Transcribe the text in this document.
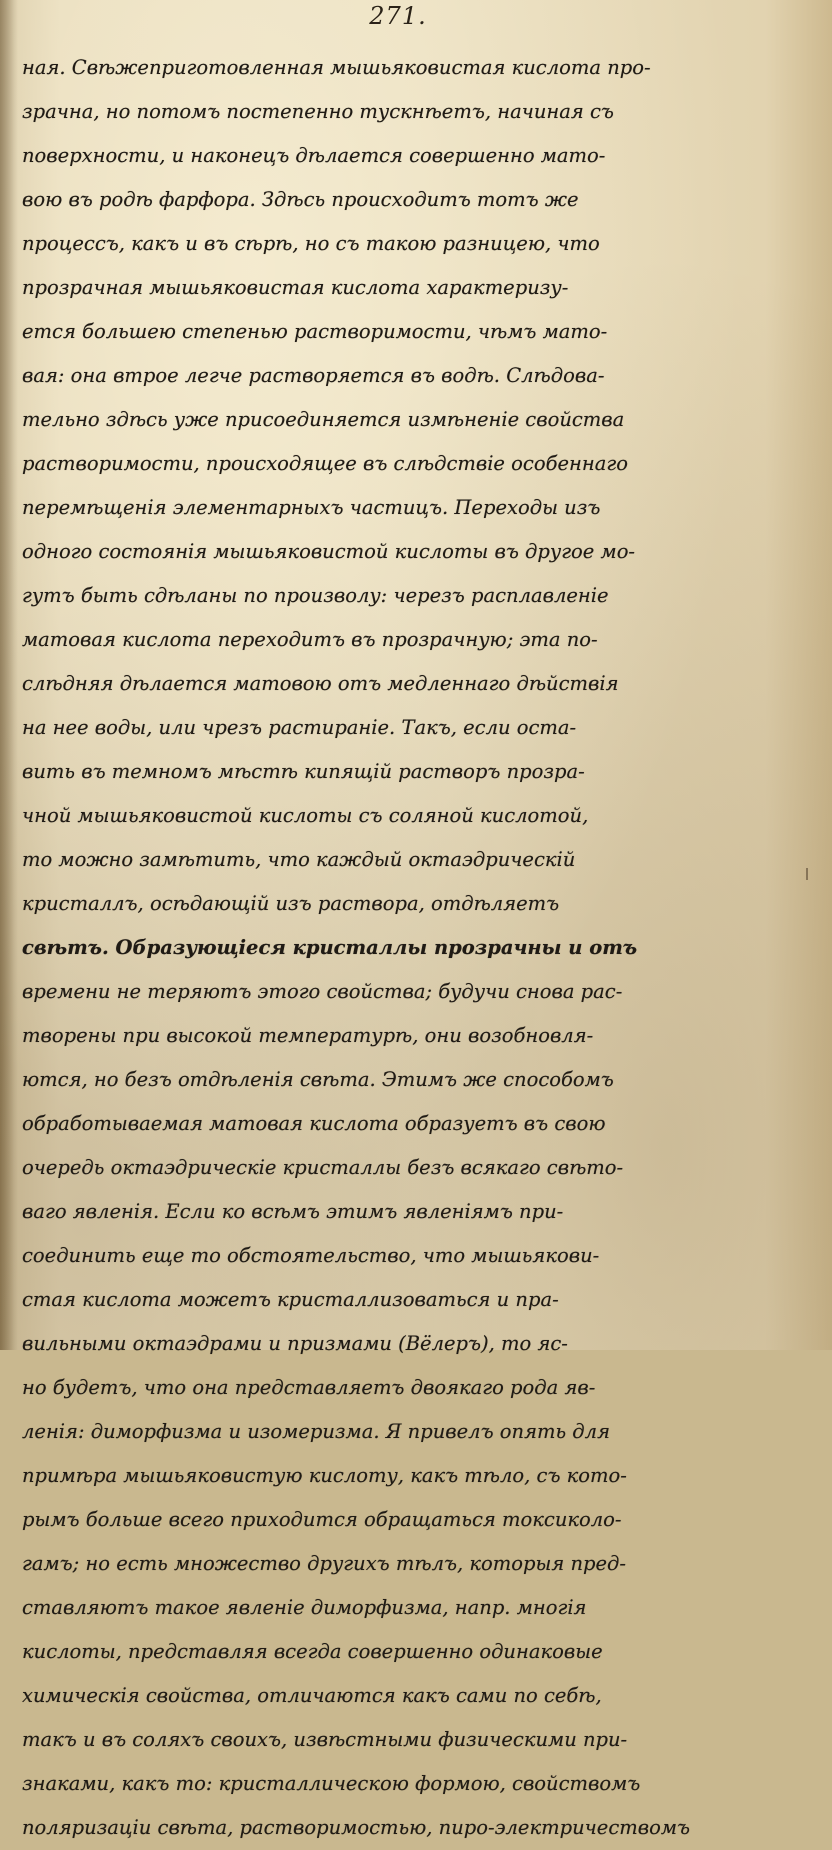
271.
ная. Свѣжеприготовленная мышьяковистая кислота про-
зрачна, но потомъ постепенно тускнѣетъ, начиная съ
поверхности, и наконецъ дѣлается совершенно мато-
вою въ родѣ фарфора. Здѣсь происходитъ тотъ же
процессъ, какъ и въ сѣрѣ, но съ такою разницею, что
прозрачная мышьяковистая кислота характеризу-
ется большею степенью растворимости, чѣмъ мато-
вая: она втрое легче растворяется въ водѣ. Слѣдова-
тельно здѣсь уже присоединяется измѣненіе свойства
растворимости, происходящее въ слѣдствіе особеннаго
перемѣщенія элементарныхъ частицъ. Переходы изъ
одного состоянія мышьяковистой кислоты въ другое мо-
гутъ быть сдѣланы по произволу: черезъ расплавленіе
матовая кислота переходитъ въ прозрачную; эта по-
слѣдняя дѣлается матовою отъ медленнаго дѣйствія
на нее воды, или чрезъ растираніе. Такъ, если оста-
вить въ темномъ мѣстѣ кипящій растворъ прозра-
чной мышьяковистой кислоты съ соляной кислотой,
то можно замѣтить, что каждый октаэдрическій
кристаллъ, осѣдающій изъ раствора, отдѣляетъ
свѣтъ. Образующіеся кристаллы прозрачны и отъ
времени не теряютъ этого свойства; будучи снова рас-
творены при высокой температурѣ, они возобновля-
ются, но безъ отдѣленія свѣта. Этимъ же способомъ
обработываемая матовая кислота образуетъ въ свою
очередь октаэдрическіе кристаллы безъ всякаго свѣто-
ваго явленія. Если ко всѣмъ этимъ явленіямъ при-
соединить еще то обстоятельство, что мышьякови-
стая кислота можетъ кристаллизоваться и пра-
вильными октаэдрами и призмами (Вёлеръ), то яс-
но будетъ, что она представляетъ двоякаго рода яв-
ленія: диморфизма и изомеризма. Я привелъ опять для
примѣра мышьяковистую кислоту, какъ тѣло, съ кото-
рымъ больше всего приходится обращаться токсиколо-
гамъ; но есть множество другихъ тѣлъ, которыя пред-
ставляютъ такое явленіе диморфизма, напр. многія
кислоты, представляя всегда совершенно одинаковые
химическія свойства, отличаются какъ сами по себѣ,
такъ и въ соляхъ своихъ, извѣстными физическими при-
знаками, какъ то: кристаллическою формою, свойствомъ
поляризаціи свѣта, растворимостью, пиро-электричествомъ
